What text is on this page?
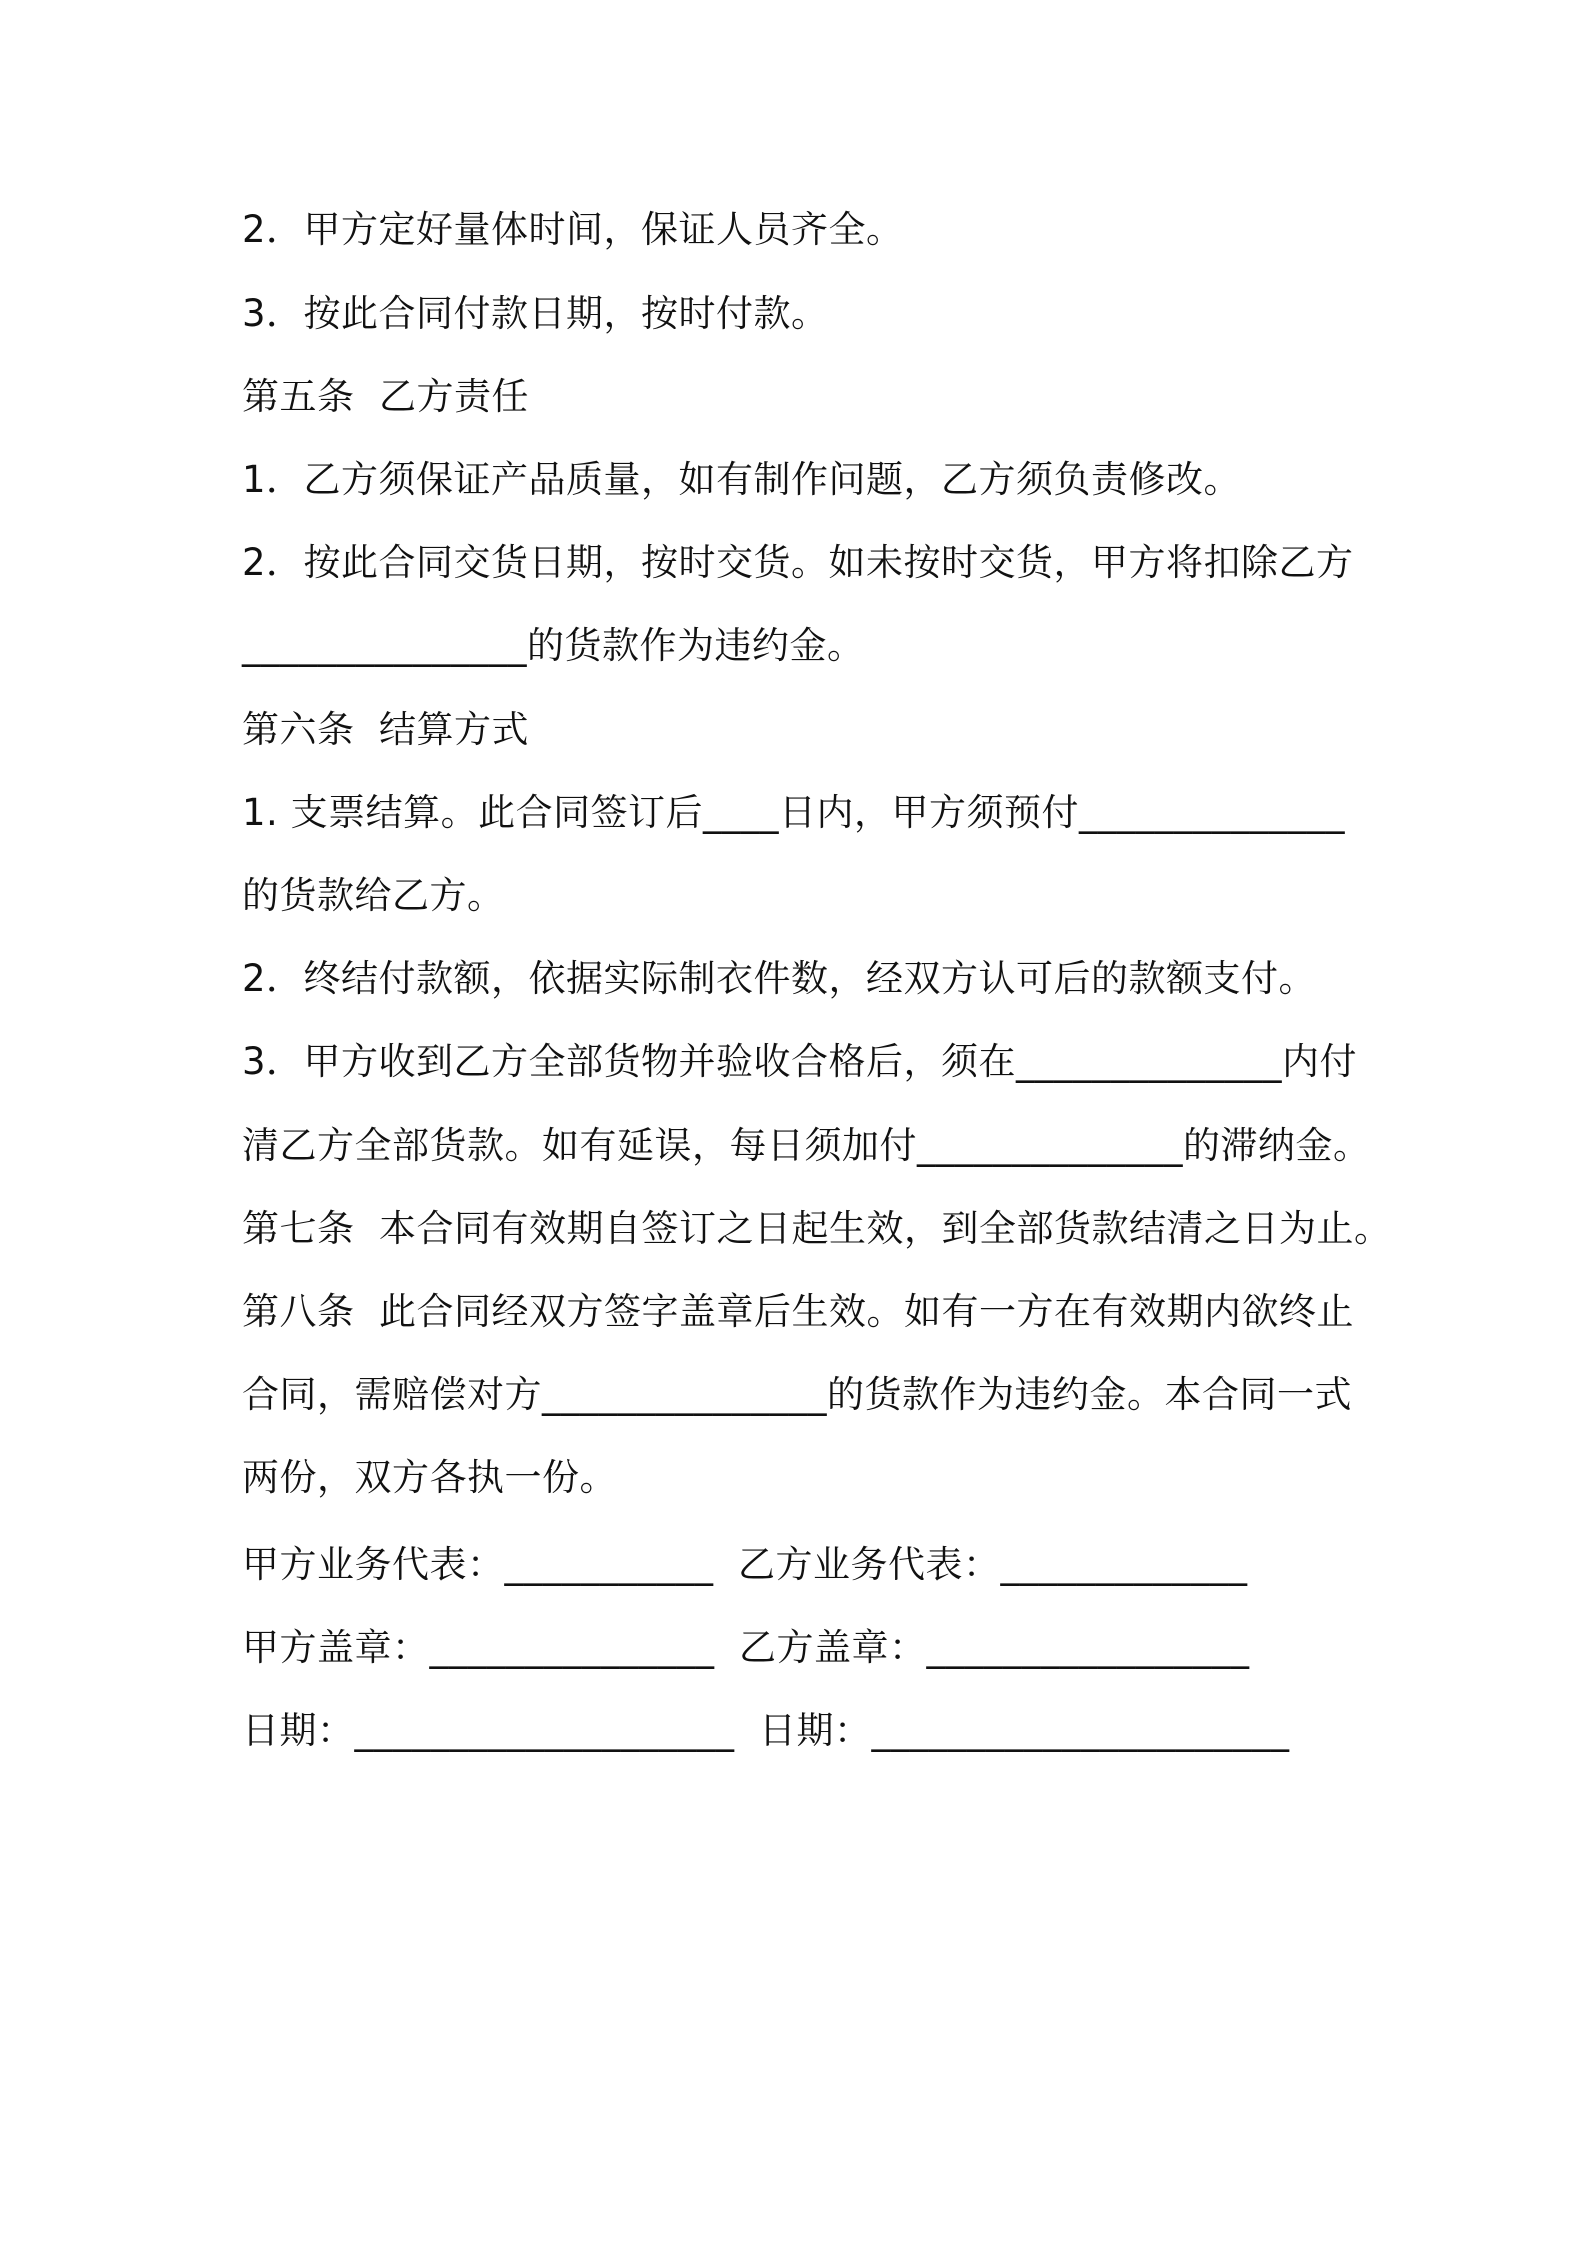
2．甲方定好量体时间，保证人员齐全。
3．按此合同付款日期，按时付款。
第五条  乙方责任
1．乙方须保证产品质量，如有制作问题，乙方须负责修改。
2．按此合同交货日期，按时交货。如未按时交货，甲方将扣除乙方
_______________的货款作为违约金。
第六条  结算方式
1. 支票结算。此合同签订后____日内，甲方须预付______________
的货款给乙方。
2．终结付款额，依据实际制衣件数，经双方认可后的款额支付。
3．甲方收到乙方全部货物并验收合格后，须在______________内付
清乙方全部货款。如有延误，每日须加付______________的滞纳金。
第七条  本合同有效期自签订之日起生效，到全部货款结清之日为止。
第八条  此合同经双方签字盖章后生效。如有一方在有效期内欲终止
合同，需赔偿对方_______________的货款作为违约金。本合同一式
两份，双方各执一份。
甲方业务代表：___________  乙方业务代表：_____________
甲方盖章：_______________  乙方盖章：_________________
日期：____________________  日期：______________________
